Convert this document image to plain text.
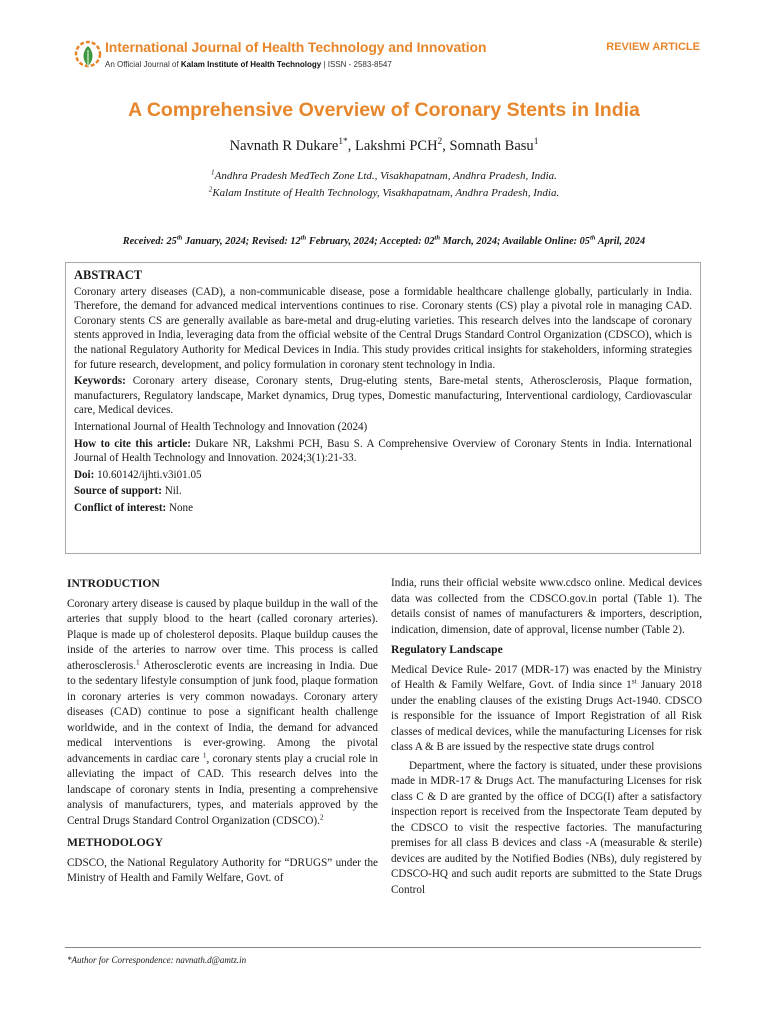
International Journal of Health Technology and Innovation
An Official Journal of Kalam Institute of Health Technology | ISSN - 2583-8547
REVIEW ARTICLE
A Comprehensive Overview of Coronary Stents in India
Navnath R Dukare$^{1*}$, Lakshmi PCH$^2$, Somnath Basu$^1$
$^1$Andhra Pradesh MedTech Zone Ltd., Visakhapatnam, Andhra Pradesh, India.
$^2$Kalam Institute of Health Technology, Visakhapatnam, Andhra Pradesh, India.
Received: 25th January, 2024; Revised: 12th February, 2024; Accepted: 02th March, 2024; Available Online: 05th April, 2024
ABSTRACT

Coronary artery diseases (CAD), a non-communicable disease, pose a formidable healthcare challenge globally, particularly in India. Therefore, the demand for advanced medical interventions continues to rise. Coronary stents (CS) play a pivotal role in managing CAD. Coronary stents CS are generally available as bare-metal and drug-eluting varieties. This research delves into the landscape of coronary stents approved in India, leveraging data from the official website of the Central Drugs Standard Control Organization (CDSCO), which is the national Regulatory Authority for Medical Devices in India. This study provides critical insights for stakeholders, informing strategies for future research, development, and policy formulation in coronary stent technology in India.

Keywords: Coronary artery disease, Coronary stents, Drug-eluting stents, Bare-metal stents, Atherosclerosis, Plaque formation, manufacturers, Regulatory landscape, Market dynamics, Drug types, Domestic manufacturing, Interventional cardiology, Cardiovascular care, Medical devices.

International Journal of Health Technology and Innovation (2024)

How to cite this article: Dukare NR, Lakshmi PCH, Basu S. A Comprehensive Overview of Coronary Stents in India. International Journal of Health Technology and Innovation. 2024;3(1):21-33.

Doi: 10.60142/ijhti.v3i01.05

Source of support: Nil.

Conflict of interest: None

INTRODUCTION

Coronary artery disease is caused by plaque buildup in the wall of the arteries that supply blood to the heart (called coronary arteries). Plaque is made up of cholesterol deposits. Plaque buildup causes the inside of the arteries to narrow over time. This process is called atherosclerosis.$^1$ Atherosclerotic events are increasing in India. Due to the sedentary lifestyle consumption of junk food, plaque formation in coronary arteries is very common nowadays. Coronary artery diseases (CAD) continue to pose a significant health challenge worldwide, and in the context of India, the demand for advanced medical interventions is ever-growing. Among the pivotal advancements in cardiac care $^1$, coronary stents play a crucial role in alleviating the impact of CAD. This research delves into the landscape of coronary stents in India, presenting a comprehensive analysis of manufacturers, types, and materials approved by the Central Drugs Standard Control Organization (CDSCO).$^2$

METHODOLOGY

CDSCO, the National Regulatory Authority for “DRUGS” under the Ministry of Health and Family Welfare, Govt. of

India, runs their official website www.cdsco online. Medical devices data was collected from the CDSCO.gov.in portal (Table 1). The details consist of names of manufacturers & importers, description, indication, dimension, date of approval, license number (Table 2).

Regulatory Landscape

Medical Device Rule- 2017 (MDR-17) was enacted by the Ministry of Health & Family Welfare, Govt. of India since 1st January 2018 under the enabling clauses of the existing Drugs Act-1940. CDSCO is responsible for the issuance of Import Registration of all Risk classes of medical devices, while the manufacturing Licenses for risk class A & B are issued by the respective state drugs control

Department, where the factory is situated, under these provisions made in MDR-17 & Drugs Act. The manufacturing Licenses for risk class C & D are granted by the office of DCG(I) after a satisfactory inspection report is received from the Inspectorate Team deputed by the CDSCO to visit the respective factories. The manufacturing premises for all class B devices and class -A (measurable & sterile) devices are audited by the Notified Bodies (NBs), duly registered by CDSCO-HQ and such audit reports are submitted to the State Drugs Control

*Author for Correspondence: navnath.d@amtz.in
